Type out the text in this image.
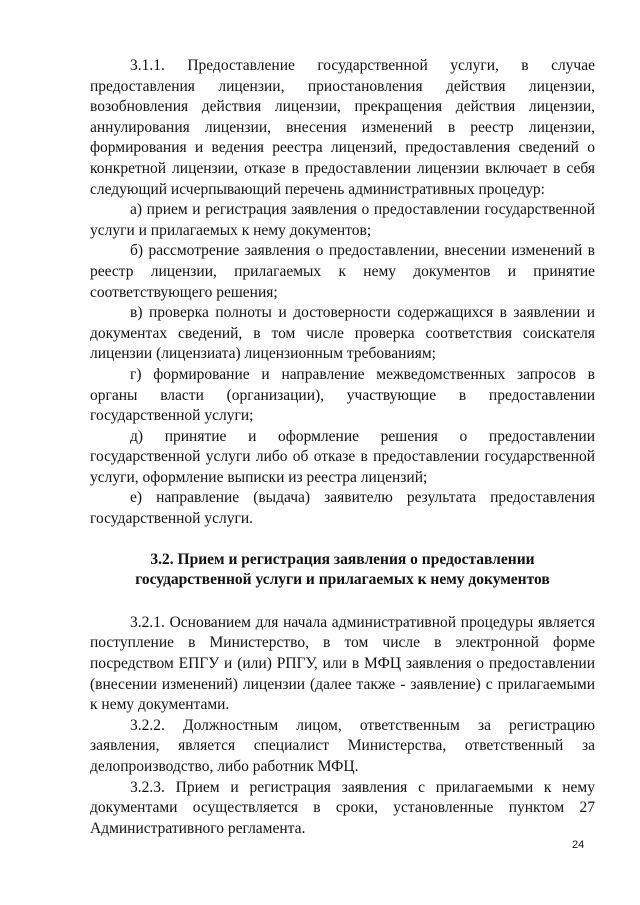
3.1.1. Предоставление государственной услуги, в случае предоставления лицензии, приостановления действия лицензии, возобновления действия лицензии, прекращения действия лицензии, аннулирования лицензии, внесения изменений в реестр лицензии, формирования и ведения реестра лицензий, предоставления сведений о конкретной лицензии, отказе в предоставлении лицензии включает в себя следующий исчерпывающий перечень административных процедур:

а) прием и регистрация заявления о предоставлении государственной услуги и прилагаемых к нему документов;

б) рассмотрение заявления о предоставлении, внесении изменений в реестр лицензии, прилагаемых к нему документов и принятие соответствующего решения;

в) проверка полноты и достоверности содержащихся в заявлении и документах сведений, в том числе проверка соответствия соискателя лицензии (лицензиата) лицензионным требованиям;

г) формирование и направление межведомственных запросов в органы власти (организации), участвующие в предоставлении государственной услуги;

д) принятие и оформление решения о предоставлении государственной услуги либо об отказе в предоставлении государственной услуги, оформление выписки из реестра лицензий;

е) направление (выдача) заявителю результата предоставления государственной услуги.

3.2. Прием и регистрация заявления о предоставлении
государственной услуги и прилагаемых к нему документов

3.2.1. Основанием для начала административной процедуры является поступление в Министерство, в том числе в электронной форме посредством ЕПГУ и (или) РПГУ, или в МФЦ заявления о предоставлении (внесении изменений) лицензии (далее также - заявление) с прилагаемыми к нему документами.

3.2.2. Должностным лицом, ответственным за регистрацию заявления, является специалист Министерства, ответственный за делопроизводство, либо работник МФЦ.

3.2.3. Прием и регистрация заявления с прилагаемыми к нему документами осуществляется в сроки, установленные пунктом 27 Административного регламента.

24
